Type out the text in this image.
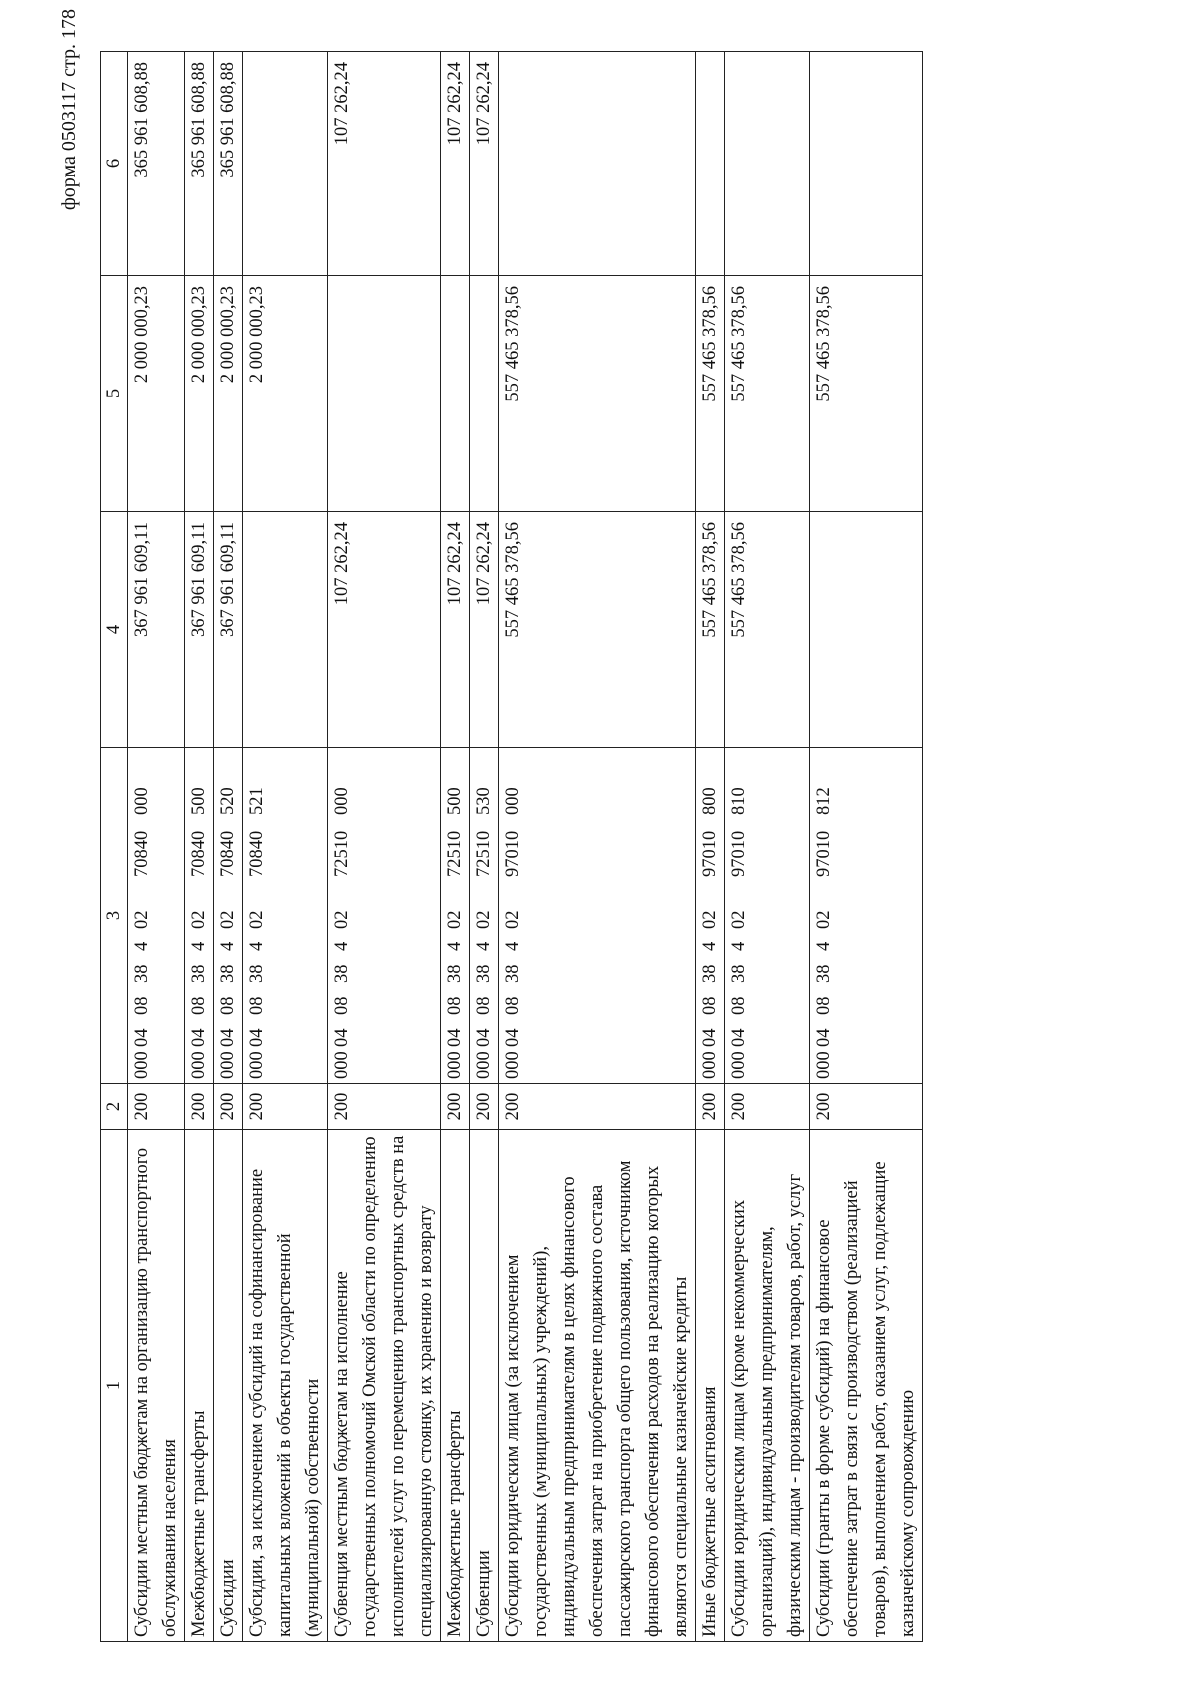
форма 0503117 стр. 178
1	2	3	4	5	6
Субсидии местным бюджетам на организацию транспортного обслуживания населения	200	00004083840270840000	367 961 609,11	2 000 000,23	365 961 608,88
Межбюджетные трансферты	200	00004083840270840500	367 961 609,11	2 000 000,23	365 961 608,88
Субсидии	200	00004083840270840520	367 961 609,11	2 000 000,23	365 961 608,88
Субсидии, за исключением субсидий на софинансирование капитальных вложений в объекты государственной (муниципальной) собственности	200	00004083840270840521		2 000 000,23	
Субвенция местным бюджетам на исполнение государственных полномочий Омской области по определению исполнителей услуг по перемещению транспортных средств на специализированную стоянку, их хранению и возврату	200	00004083840272510000	107 262,24		107 262,24
Межбюджетные трансферты	200	00004083840272510500	107 262,24		107 262,24
Субвенции	200	00004083840272510530	107 262,24		107 262,24
Субсидии юридическим лицам (за исключением государственных (муниципальных) учреждений), индивидуальным предпринимателям в целях финансового обеспечения затрат на приобретение подвижного состава пассажирского транспорта общего пользования, источником финансового обеспечения расходов на реализацию которых являются специальные казначейские кредиты	200	00004083840297010000	557 465 378,56	557 465 378,56	
Иные бюджетные ассигнования	200	00004083840297010800	557 465 378,56	557 465 378,56	
Субсидии юридическим лицам (кроме некоммерческих организаций), индивидуальным предпринимателям, физическим лицам - производителям товаров, работ, услуг	200	00004083840297010810	557 465 378,56	557 465 378,56	
Субсидии (гранты в форме субсидий) на финансовое обеспечение затрат в связи с производством (реализацией товаров), выполнением работ, оказанием услуг, подлежащие казначейскому сопровождению	200	00004083840297010812		557 465 378,56	
